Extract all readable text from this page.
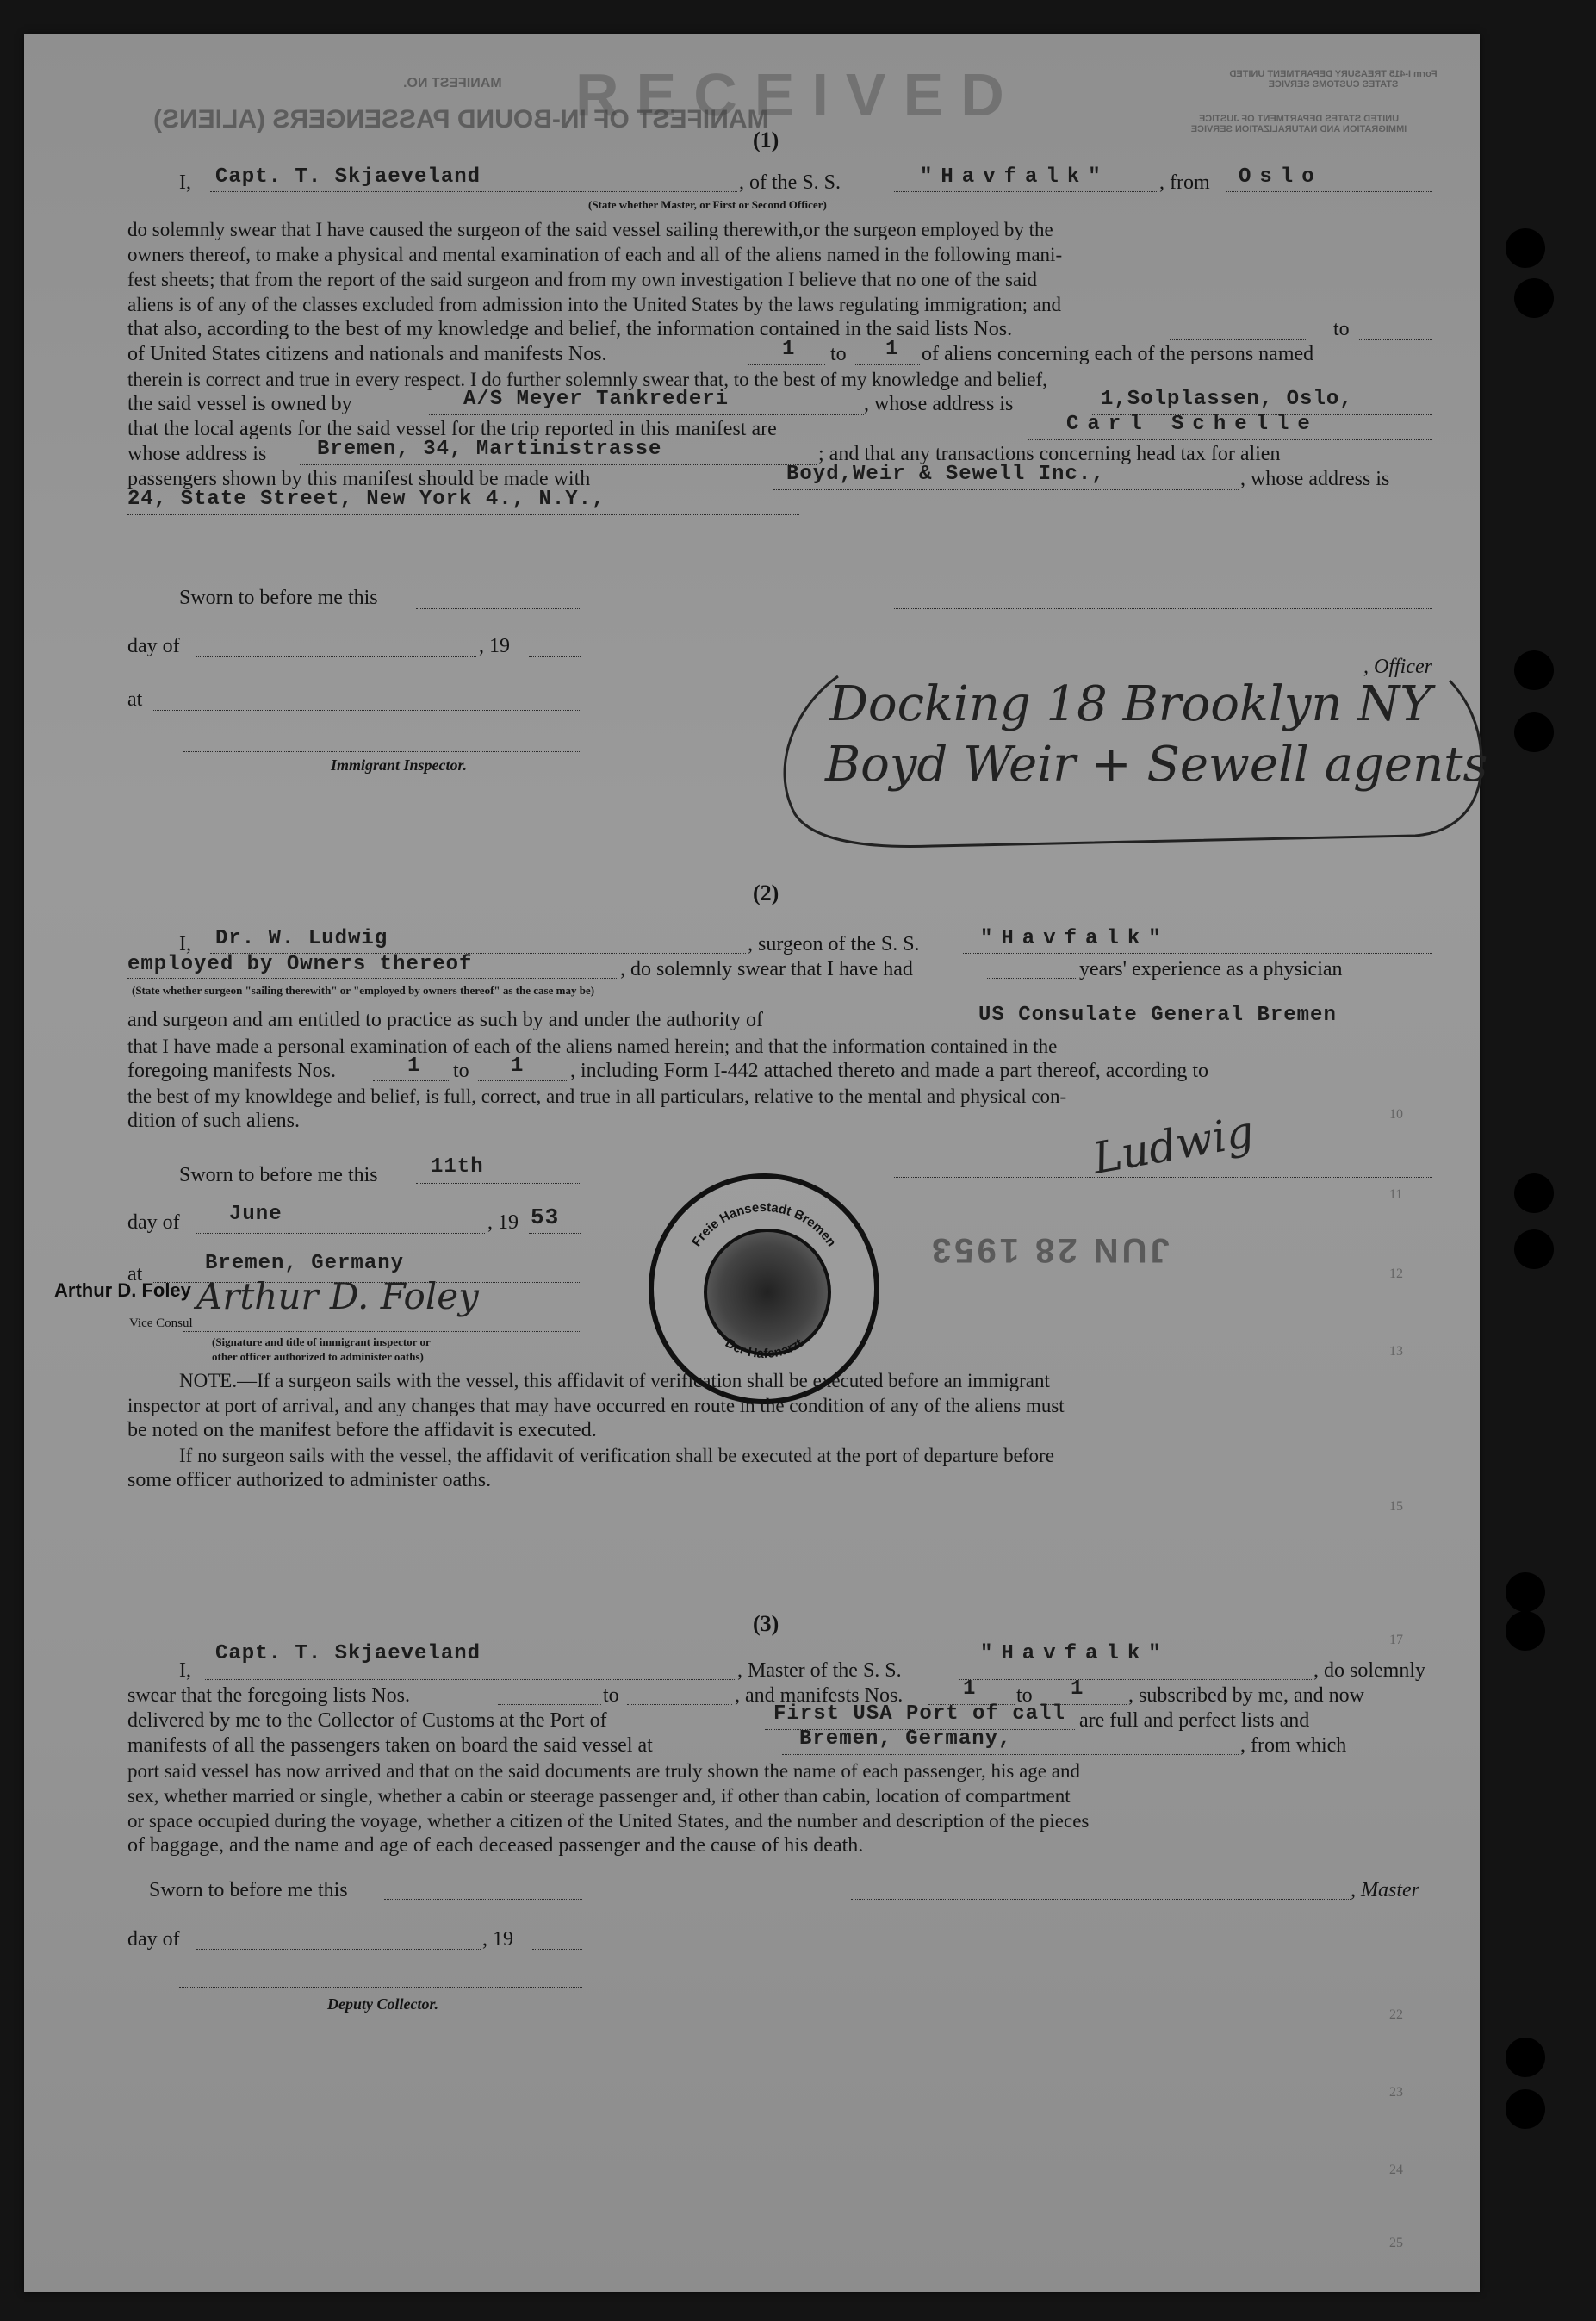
MANIFEST OF IN-BOUND PASSENGERS (ALIENS)
MANIFEST NO.
Form I-415 TREASURY DEPARTMENT UNITED STATES CUSTOMS SERVICE
UNITED STATES DEPARTMENT OF JUSTICE IMMIGRATION AND NATURALIZATION SERVICE
RECEIVED
(1)
I, Capt. T. Skjaeveland	, of the S. S.	"Havfalk" , from Oslo
(State whether Master, or First or Second Officer)
do solemnly swear that I have caused the surgeon of the said vessel sailing therewith,or the surgeon employed by the
owners thereof, to make a physical and mental examination of each and all of the aliens named in the following mani-
fest sheets; that from the report of the said surgeon and from my own investigation I believe that no one of the said
aliens is of any of the classes excluded from admission into the United States by the laws regulating immigration; and
that also, according to the best of my knowledge and belief, the information contained in the said lists Nos.	to
of United States citizens and nationals and manifests Nos.	1 to 1 of aliens concerning each of the persons named
therein is correct and true in every respect. I do further solemnly swear that, to the best of my knowledge and belief,
the said vessel is owned by	A/S Meyer Tankrederi	, whose address is	1,Solplassen, Oslo,
that the local agents for the said vessel for the trip reported in this manifest are	Carl Schelle
whose address is Bremen, 34, Martinistrasse	; and that any transactions concerning head tax for alien
passengers shown by this manifest should be made with	Boyd,Weir & Sewell Inc.,	, whose address is
24, State Street, New York 4., N.Y.,
Sworn to before me this
day of	, 19
, Officer
at
Immigrant Inspector.
Docking 18 Brooklyn NY
Boyd Weir + Sewell agents
(2)
I, Dr. W. Ludwig	, surgeon of the S. S.	"Havfalk"
employed by Owners thereof	, do solemnly swear that I have had	years' experience as a physician
(State whether surgeon "sailing therewith" or "employed by owners thereof" as the case may be)
and surgeon and am entitled to practice as such by and under the authority of	US Consulate General Bremen
that I have made a personal examination of each of the aliens named herein; and that the information contained in the
foregoing manifests Nos.	1 to 1 , including Form I-442 attached thereto and made a part thereof, according to
the best of my knowldege and belief, is full, correct, and true in all particulars, relative to the mental and physical con-
dition of such aliens.
Sworn to before me this	11th	Ludwig
day of June	, 19 53
at	Bremen, Germany
Arthur D. Foley Arthur D. Foley
Vice Consul
(Signature and title of immigrant inspector or
other officer authorized to administer oaths)
Freie Hansestadt Bremen
Der Hafenarzt
JUN 28 1953
NOTE.—If a surgeon sails with the vessel, this affidavit of verification shall be executed before an immigrant
inspector at port of arrival, and any changes that may have occurred en route in the condition of any of the aliens must
be noted on the manifest before the affidavit is executed.
If no surgeon sails with the vessel, the affidavit of verification shall be executed at the port of departure before
some officer authorized to administer oaths.
(3)
I,
Capt. T. Skjaeveland
, Master of the S. S.
"Havfalk"
, do solemnly
swear that the foregoing lists Nos.	to	, and manifests Nos.	1 to 1 , subscribed by me, and now
delivered by me to the Collector of Customs at the Port of	First USA Port of call are full and perfect lists and
manifests of all the passengers taken on board the said vessel at	Bremen, Germany,	, from which
port said vessel has now arrived and that on the said documents are truly shown the name of each passenger, his age and
sex, whether married or single, whether a cabin or steerage passenger and, if other than cabin, location of compartment
or space occupied during the voyage, whether a citizen of the United States, and the number and description of the pieces
of baggage, and the name and age of each deceased passenger and the cause of his death.
Sworn to before me this	, Master
day of	, 19
Deputy Collector.
10
11
12
13
15
17
22
23
24
25
